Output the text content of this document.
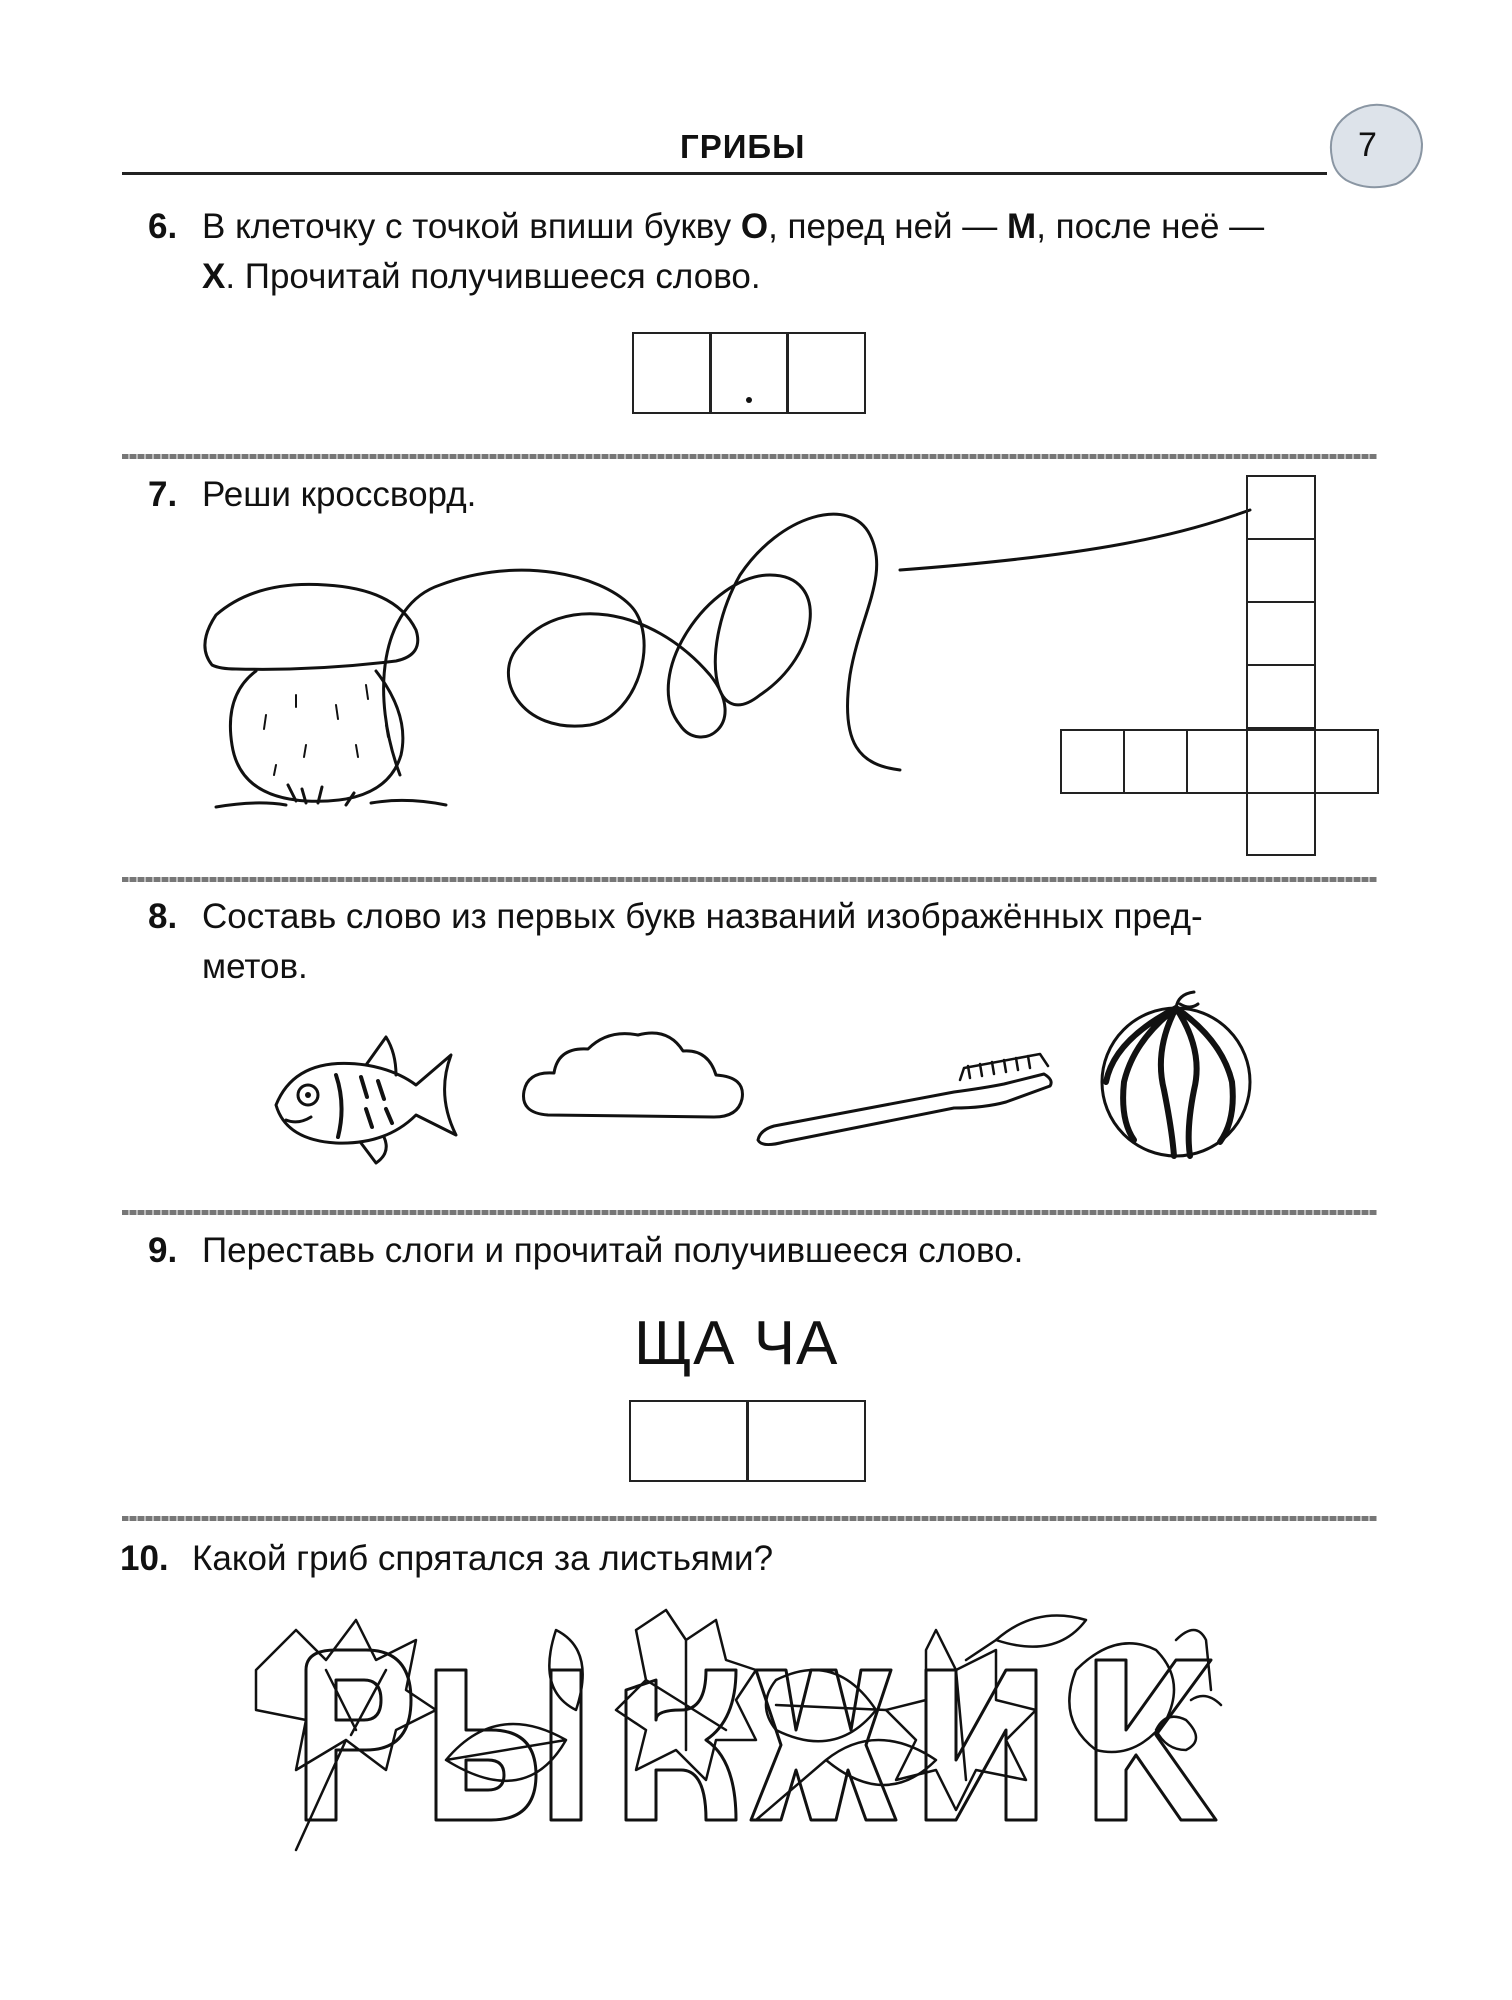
ГРИБЫ	7
6. В клеточку с точкой впиши букву О, перед ней — М, после неё —
Х. Прочитай получившееся слово.
7. Реши кроссворд.
8. Составь слово из первых букв названий изображённых пред-
метов.
9. Переставь слоги и прочитай получившееся слово.
ЩА ЧА
10. Какой гриб спрятался за листьями?
